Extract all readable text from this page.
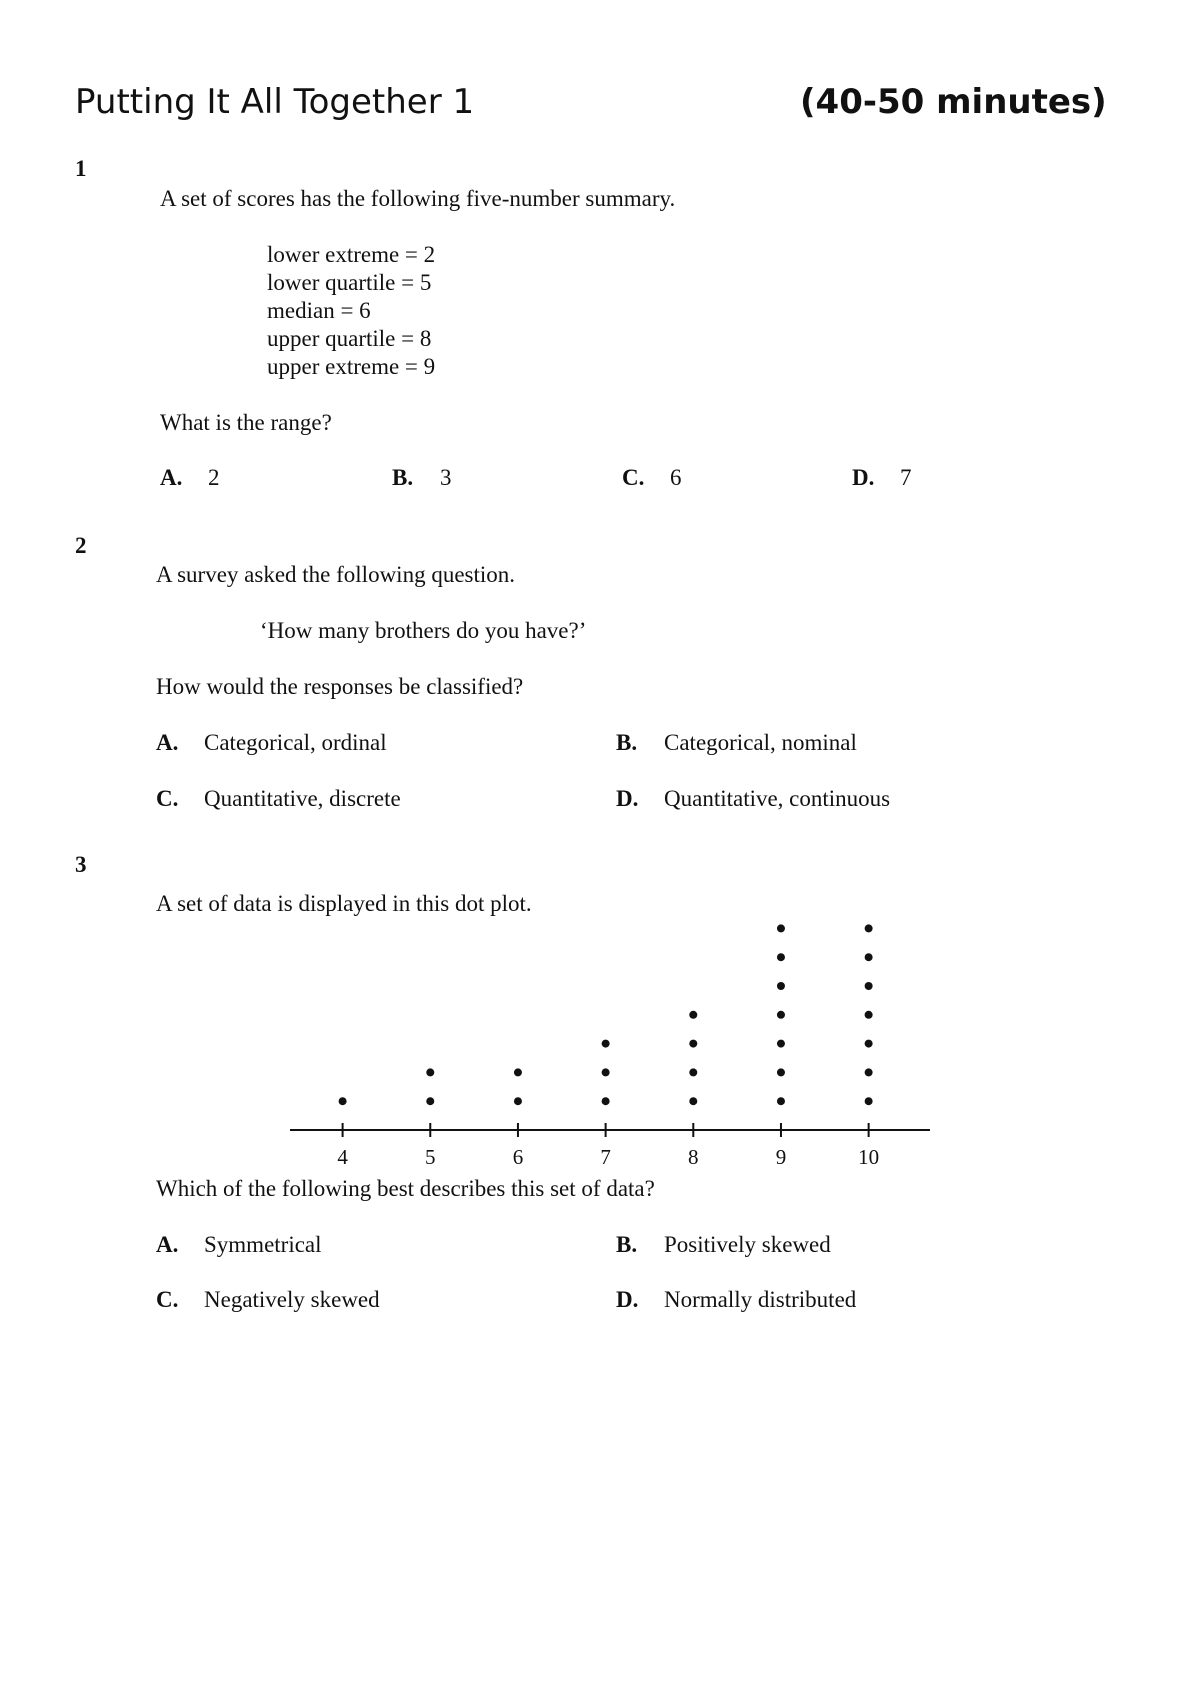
Putting It All Together 1	(40-50 minutes)
1
A set of scores has the following five-number summary.
lower extreme = 2
lower quartile = 5
median = 6
upper quartile = 8
upper extreme = 9
What is the range?
A. 2	B. 3	C. 6	D. 7
2
A survey asked the following question.
‘How many brothers do you have?’
How would the responses be classified?
A. Categorical, ordinal	B. Categorical, nominal
C. Quantitative, discrete	D. Quantitative, continuous
3
A set of data is displayed in this dot plot.
4	5	6	7	8	9	10
Which of the following best describes this set of data?
A. Symmetrical	B. Positively skewed
C. Negatively skewed	D. Normally distributed
